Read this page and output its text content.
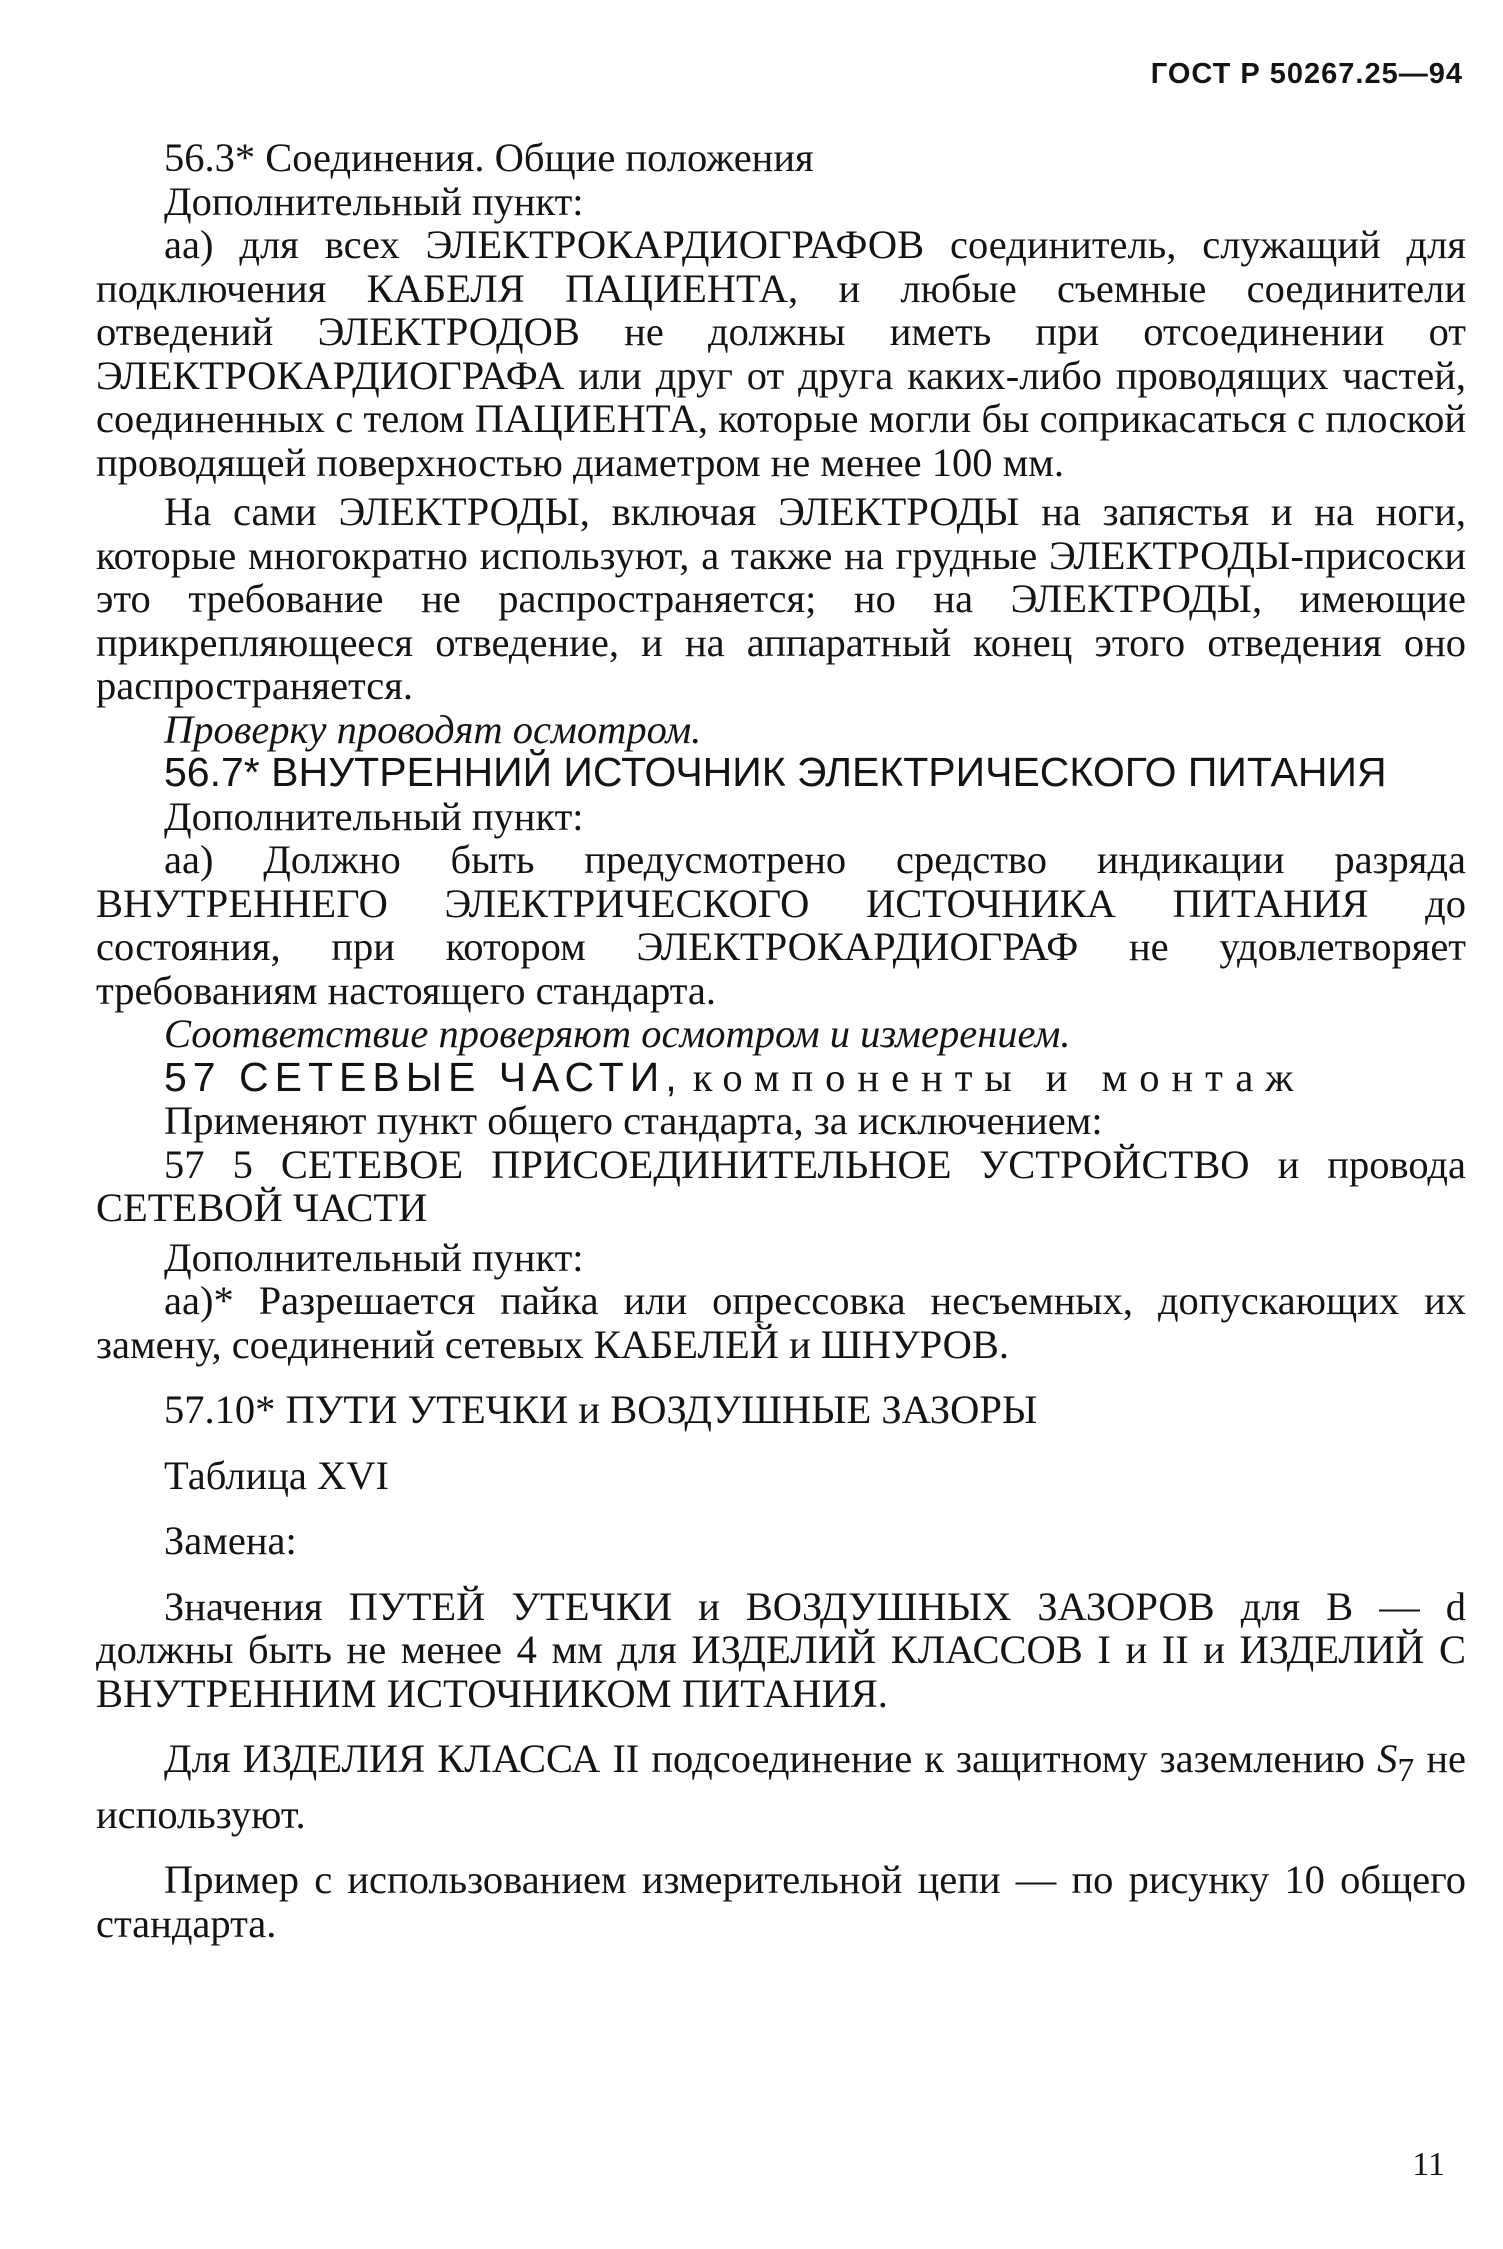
ГОСТ Р 50267.25—94

56.3* Соединения. Общие положения

Дополнительный пункт:

аа) для всех ЭЛЕКТРОКАРДИОГРАФОВ соединитель, служащий для подключения КАБЕЛЯ ПАЦИЕНТА, и любые съемные соединители отведений ЭЛЕКТРОДОВ не должны иметь при отсоединении от ЭЛЕКТРОКАРДИОГРАФА или друг от друга каких-либо проводящих частей, соединенных с телом ПАЦИЕНТА, которые могли бы соприкасаться с плоской проводящей поверхностью диаметром не менее 100 мм.

На сами ЭЛЕКТРОДЫ, включая ЭЛЕКТРОДЫ на запястья и на ноги, которые многократно используют, а также на грудные ЭЛЕКТРОДЫ-присоски это требование не распространяется; но на ЭЛЕКТРОДЫ, имеющие прикрепляющееся отведение, и на аппаратный конец этого отведения оно распространяется.

Проверку проводят осмотром.

56.7* ВНУТРЕННИЙ ИСТОЧНИК ЭЛЕКТРИЧЕСКОГО ПИТАНИЯ

Дополнительный пункт:

аа) Должно быть предусмотрено средство индикации разряда ВНУТРЕННЕГО ЭЛЕКТРИЧЕСКОГО ИСТОЧНИКА ПИТАНИЯ до состояния, при котором ЭЛЕКТРОКАРДИОГРАФ не удовлетворяет требованиям настоящего стандарта.

Соответствие проверяют осмотром и измерением.

57 СЕТЕВЫЕ ЧАСТИ, компоненты и монтаж

Применяют пункт общего стандарта, за исключением:

57 5 СЕТЕВОЕ ПРИСОЕДИНИТЕЛЬНОЕ УСТРОЙСТВО и провода СЕТЕВОЙ ЧАСТИ

Дополнительный пункт:

аа)* Разрешается пайка или опрессовка несъемных, допускающих их замену, соединений сетевых КАБЕЛЕЙ и ШНУРОВ.

57.10* ПУТИ УТЕЧКИ и ВОЗДУШНЫЕ ЗАЗОРЫ

Таблица XVI

Замена:

Значения ПУТЕЙ УТЕЧКИ и ВОЗДУШНЫХ ЗАЗОРОВ для B — d должны быть не менее 4 мм для ИЗДЕЛИЙ КЛАССОВ I и II и ИЗДЕЛИЙ С ВНУТРЕННИМ ИСТОЧНИКОМ ПИТАНИЯ.

Для ИЗДЕЛИЯ КЛАССА II подсоединение к защитному заземлению $S_7$ не используют.

Пример с использованием измерительной цепи — по рисунку 10 общего стандарта.

11
